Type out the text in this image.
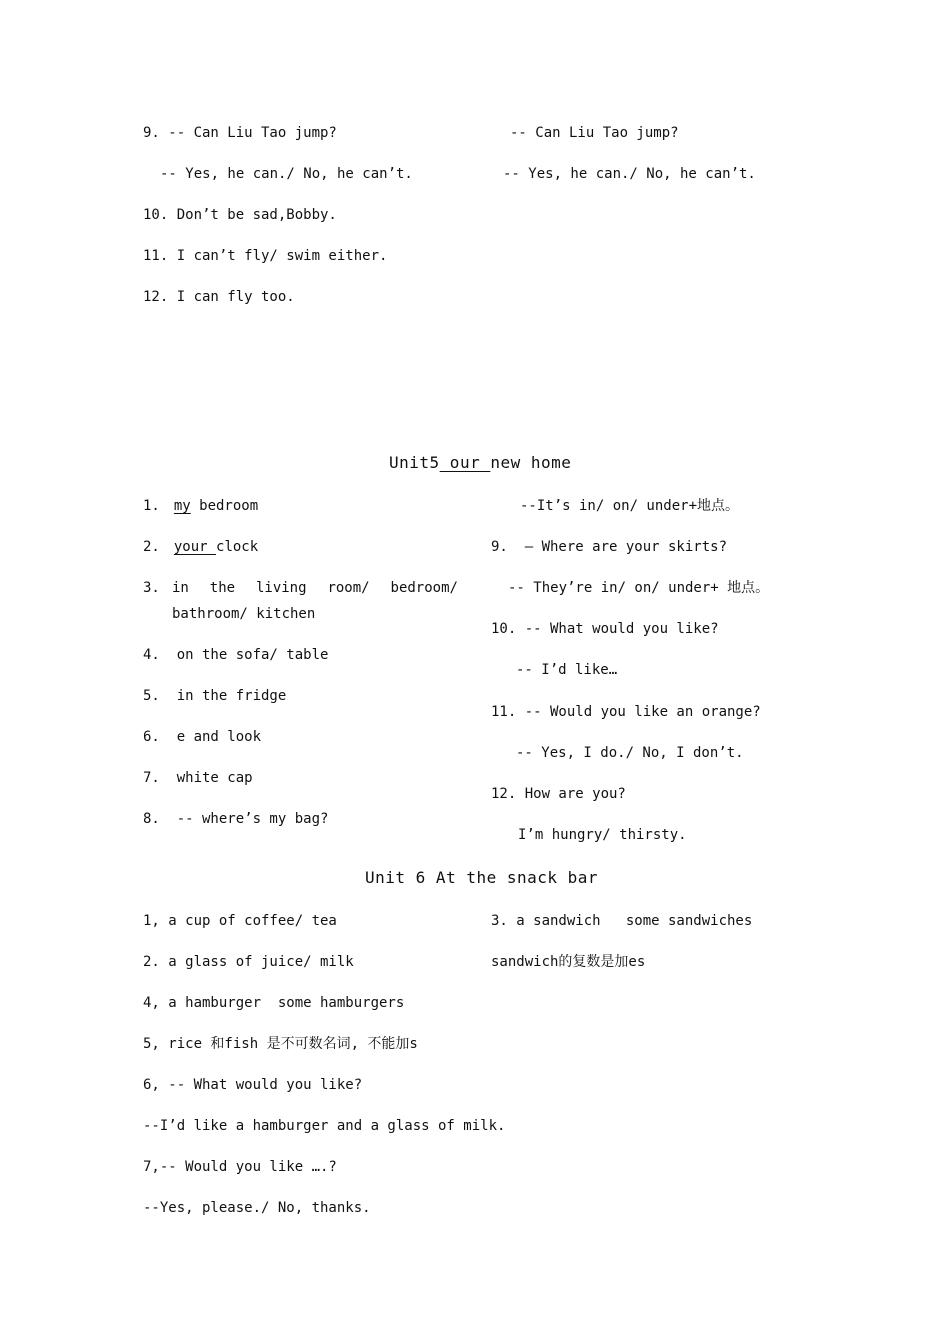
9. -- Can Liu Tao jump?	-- Can Liu Tao jump?
-- Yes, he can./ No, he can’t.	-- Yes, he can./ No, he can’t.
10. Don’t be sad,Bobby.
11. I can’t fly/ swim either.
12. I can fly too.
Unit5 our new home
1. my bedroom
2. your clock
3. in the living room/ bedroom/
bathroom/ kitchen
4.  on the sofa/ table
5.  in the fridge
6.  e and look
7.  white cap
8.  -- where’s my bag?
--It’s in/ on/ under+地点。
9.  – Where are your skirts?
-- They’re in/ on/ under+ 地点。
10. -- What would you like?
-- I’d like…
11. -- Would you like an orange?
-- Yes, I do./ No, I don’t.
12. How are you?
I’m hungry/ thirsty.
Unit 6 At the snack bar
1, a cup of coffee/ tea	3. a sandwich   some sandwiches
2. a glass of juice/ milk	sandwich的复数是加es
4, a hamburger  some hamburgers
5, rice 和fish 是不可数名词, 不能加s
6, -- What would you like?
--I’d like a hamburger and a glass of milk.
7,-- Would you like ….?
--Yes, please./ No, thanks.
